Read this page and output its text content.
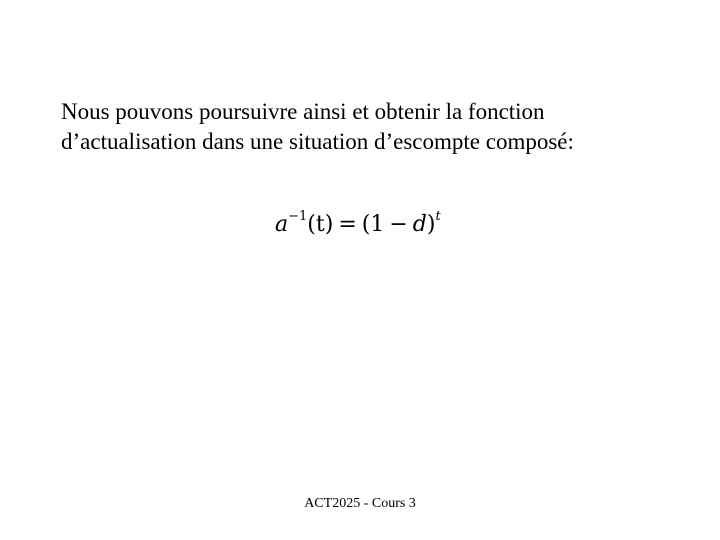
Nous pouvons poursuivre ainsi et obtenir la fonction
d’actualisation dans une situation d’escompte composé:
$a^{-1}(t) = (1 - d)^t$
ACT2025 - Cours 3
